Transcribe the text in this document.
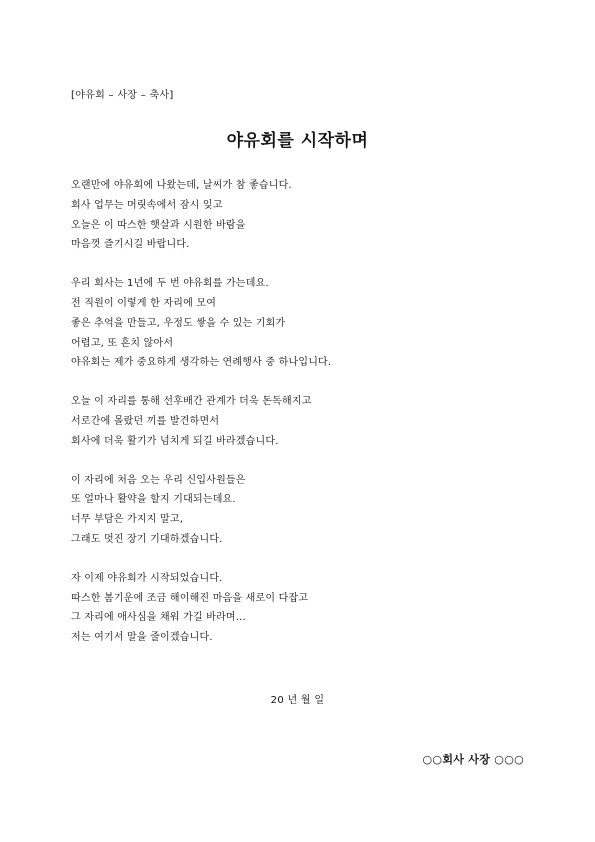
[야유회 – 사장 – 축사]
야유회를 시작하며
오랜만에 야유회에 나왔는데, 날씨가 참 좋습니다.
회사 업무는 머릿속에서 잠시 잊고
오늘은 이 따스한 햇살과 시원한 바람을
마음껏 즐기시길 바랍니다.
우리 회사는 1년에 두 번 야유회를 가는데요.
전 직원이 이렇게 한 자리에 모여
좋은 추억을 만들고, 우정도 쌓을 수 있는 기회가
어렵고, 또 흔치 않아서
야유회는 제가 중요하게 생각하는 연례행사 중 하나입니다.
오늘 이 자리를 통해 선후배간 관계가 더욱 돈독해지고
서로간에 몰랐던 끼를 발견하면서
회사에 더욱 활기가 넘치게 되길 바라겠습니다.
이 자리에 처음 오는 우리 신입사원들은
또 얼마나 활약을 할지 기대되는데요.
너무 부담은 가지지 말고,
그래도 멋진 장기 기대하겠습니다.
자 이제 야유회가 시작되었습니다.
따스한 봄기운에 조금 해이해진 마음을 새로이 다잡고
그 자리에 애사심을 채워 가길 바라며...
저는 여기서 말을 줄이겠습니다.
20 년 월 일
○○회사 사장 ○○○
